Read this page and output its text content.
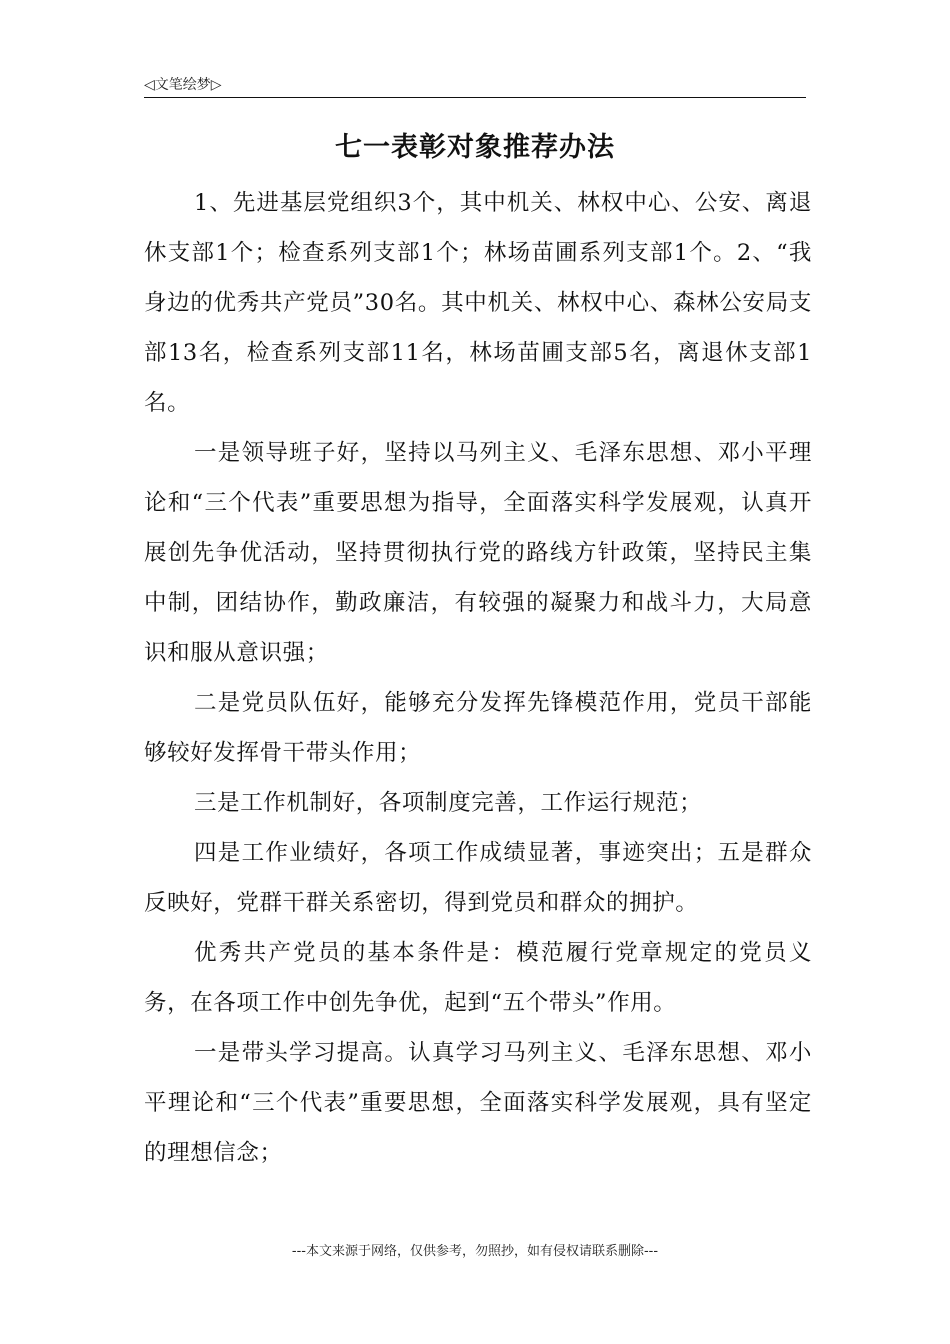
◁文笔绘梦▷
七一表彰对象推荐办法

1、先进基层党组织3个，其中机关、林权中心、公安、离退休支部1个；检查系列支部1个；林场苗圃系列支部1个。2、“我身边的优秀共产党员”30名。其中机关、林权中心、森林公安局支部13名，检查系列支部11名，林场苗圃支部5名，离退休支部1名。

一是领导班子好，坚持以马列主义、毛泽东思想、邓小平理论和“三个代表”重要思想为指导，全面落实科学发展观，认真开展创先争优活动，坚持贯彻执行党的路线方针政策，坚持民主集中制，团结协作，勤政廉洁，有较强的凝聚力和战斗力，大局意识和服从意识强；

二是党员队伍好，能够充分发挥先锋模范作用，党员干部能够较好发挥骨干带头作用；

三是工作机制好，各项制度完善，工作运行规范；

四是工作业绩好，各项工作成绩显著，事迹突出；五是群众反映好，党群干群关系密切，得到党员和群众的拥护。

优秀共产党员的基本条件是：模范履行党章规定的党员义务，在各项工作中创先争优，起到“五个带头”作用。

一是带头学习提高。认真学习马列主义、毛泽东思想、邓小平理论和“三个代表”重要思想，全面落实科学发展观，具有坚定的理想信念；

---本文来源于网络，仅供参考，勿照抄，如有侵权请联系删除---
